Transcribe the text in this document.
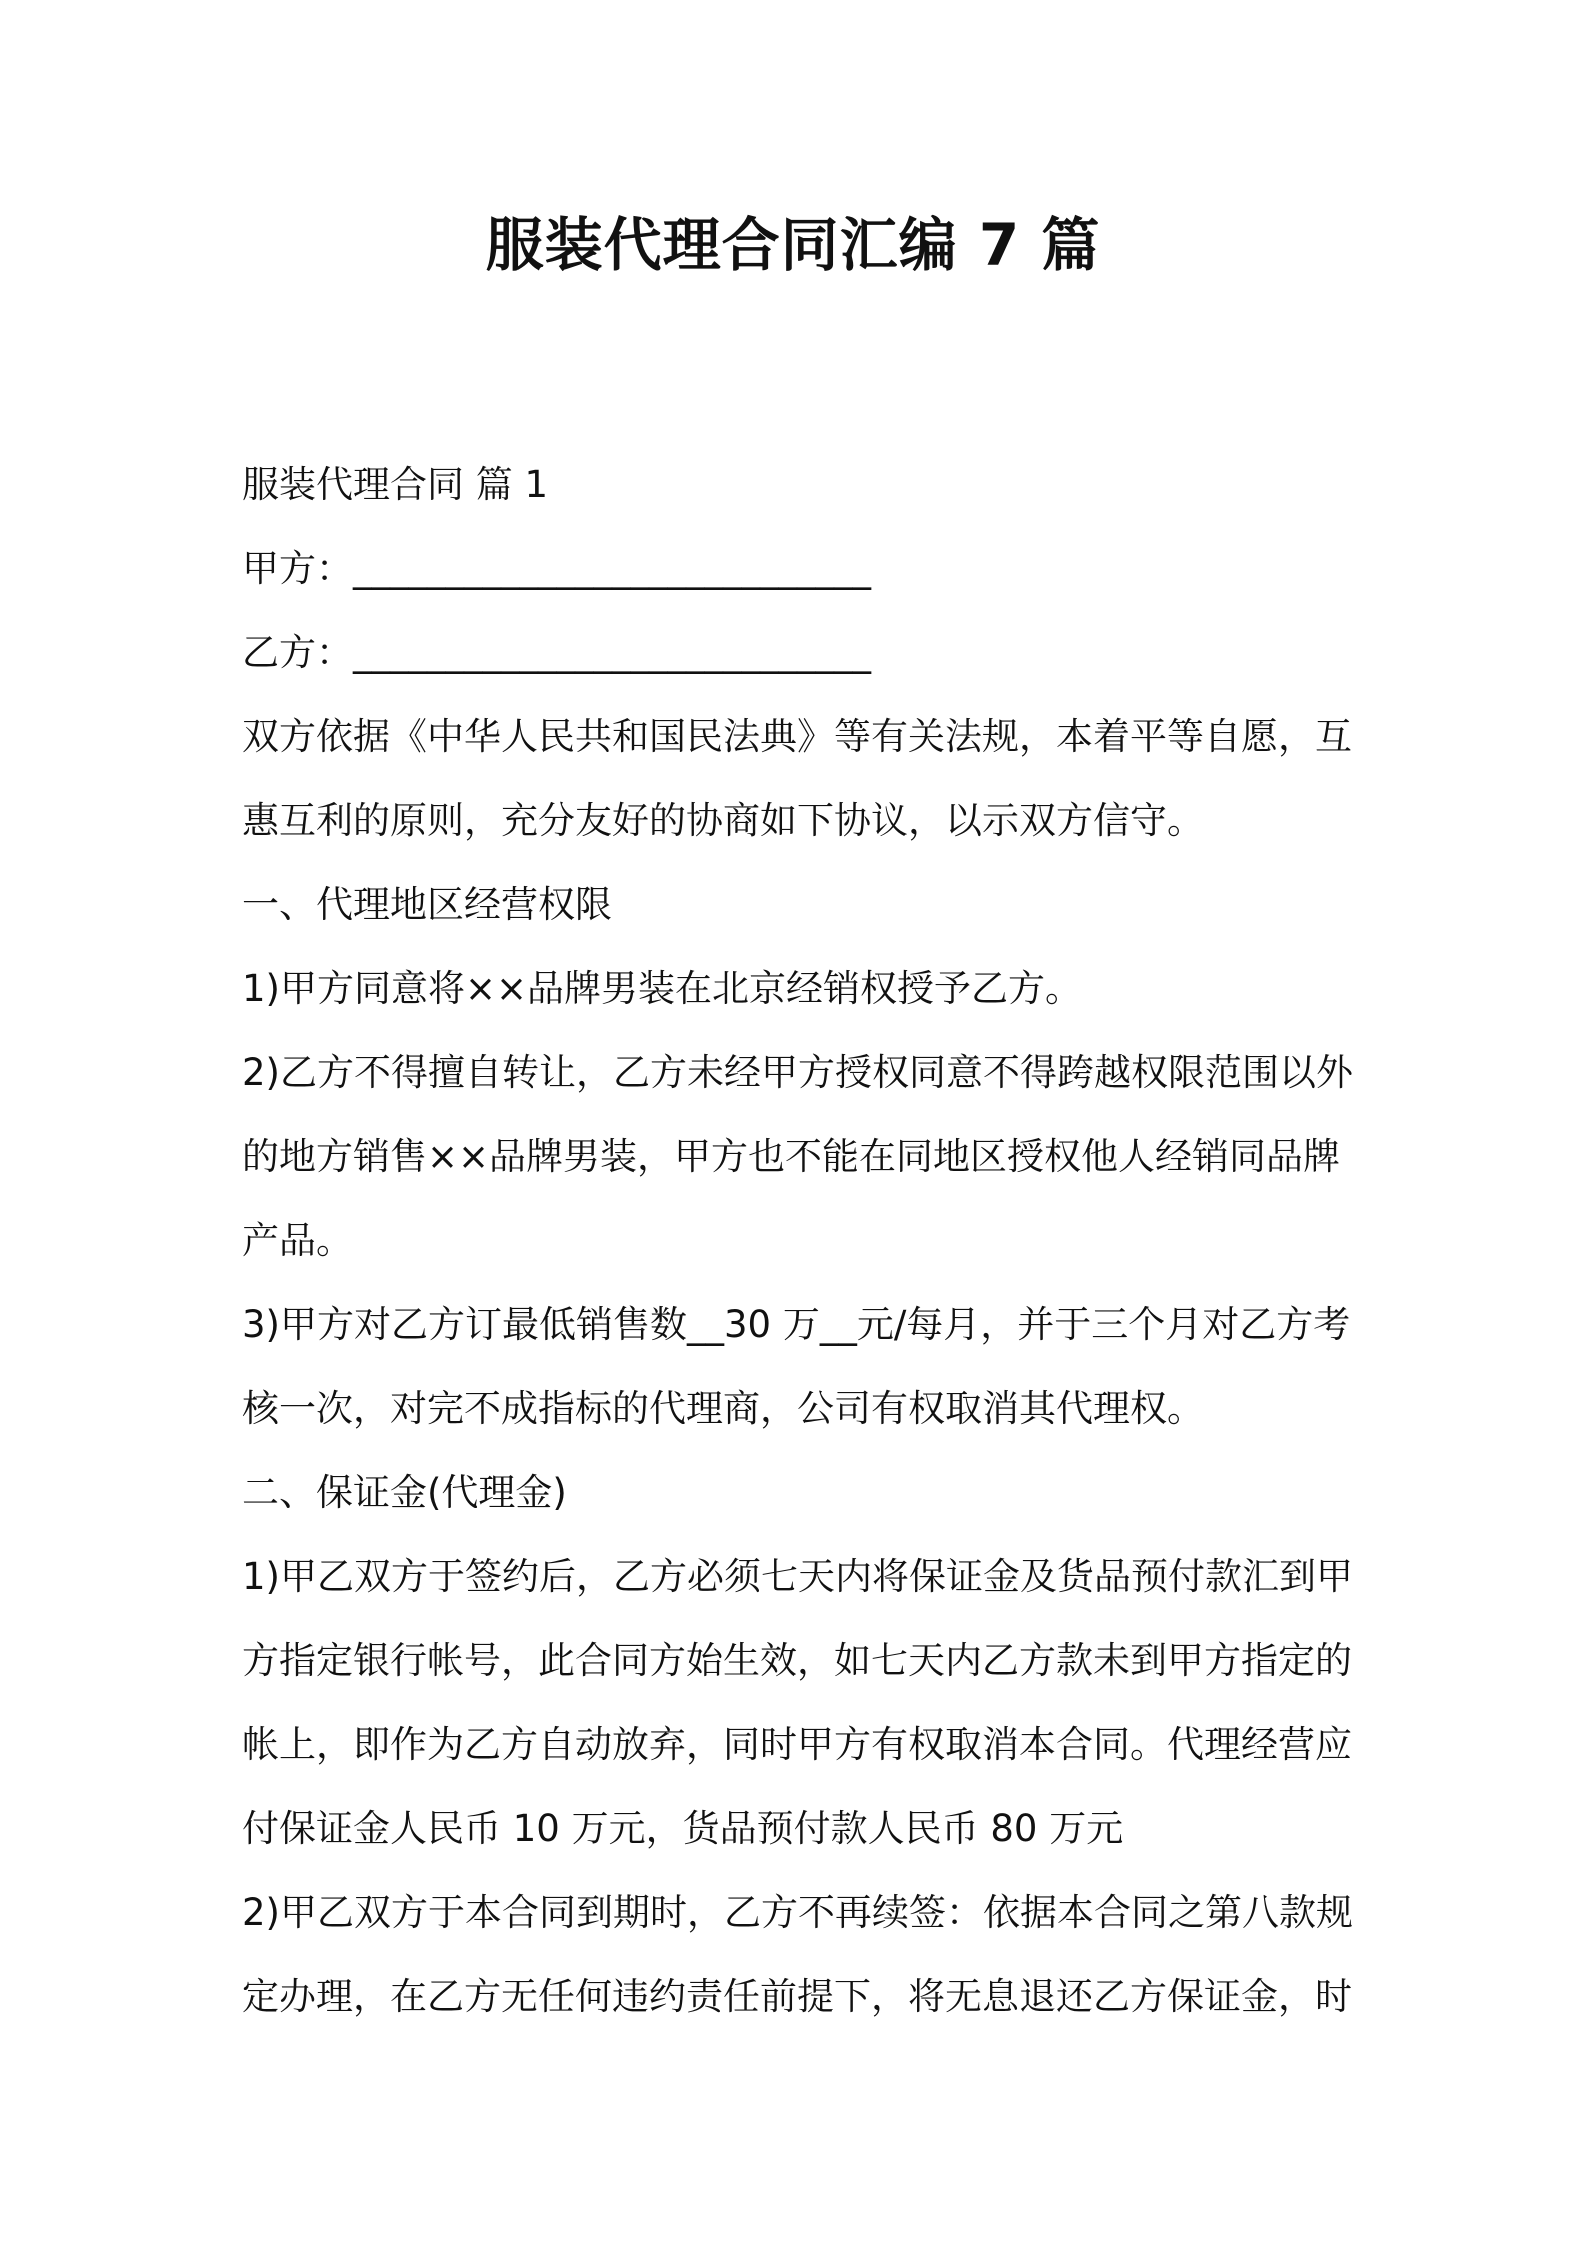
服装代理合同汇编 7 篇
服装代理合同 篇 1
甲方：____________________________
乙方：____________________________
双方依据《中华人民共和国民法典》等有关法规，本着平等自愿，互
惠互利的原则，充分友好的协商如下协议，以示双方信守。
一、代理地区经营权限
1)甲方同意将××品牌男装在北京经销权授予乙方。
2)乙方不得擅自转让，乙方未经甲方授权同意不得跨越权限范围以外
的地方销售××品牌男装，甲方也不能在同地区授权他人经销同品牌
产品。
3)甲方对乙方订最低销售数__30 万__元/每月，并于三个月对乙方考
核一次，对完不成指标的代理商，公司有权取消其代理权。
二、保证金(代理金)
1)甲乙双方于签约后，乙方必须七天内将保证金及货品预付款汇到甲
方指定银行帐号，此合同方始生效，如七天内乙方款未到甲方指定的
帐上，即作为乙方自动放弃，同时甲方有权取消本合同。代理经营应
付保证金人民币 10 万元，货品预付款人民币 80 万元
2)甲乙双方于本合同到期时，乙方不再续签：依据本合同之第八款规
定办理，在乙方无任何违约责任前提下，将无息退还乙方保证金，时
